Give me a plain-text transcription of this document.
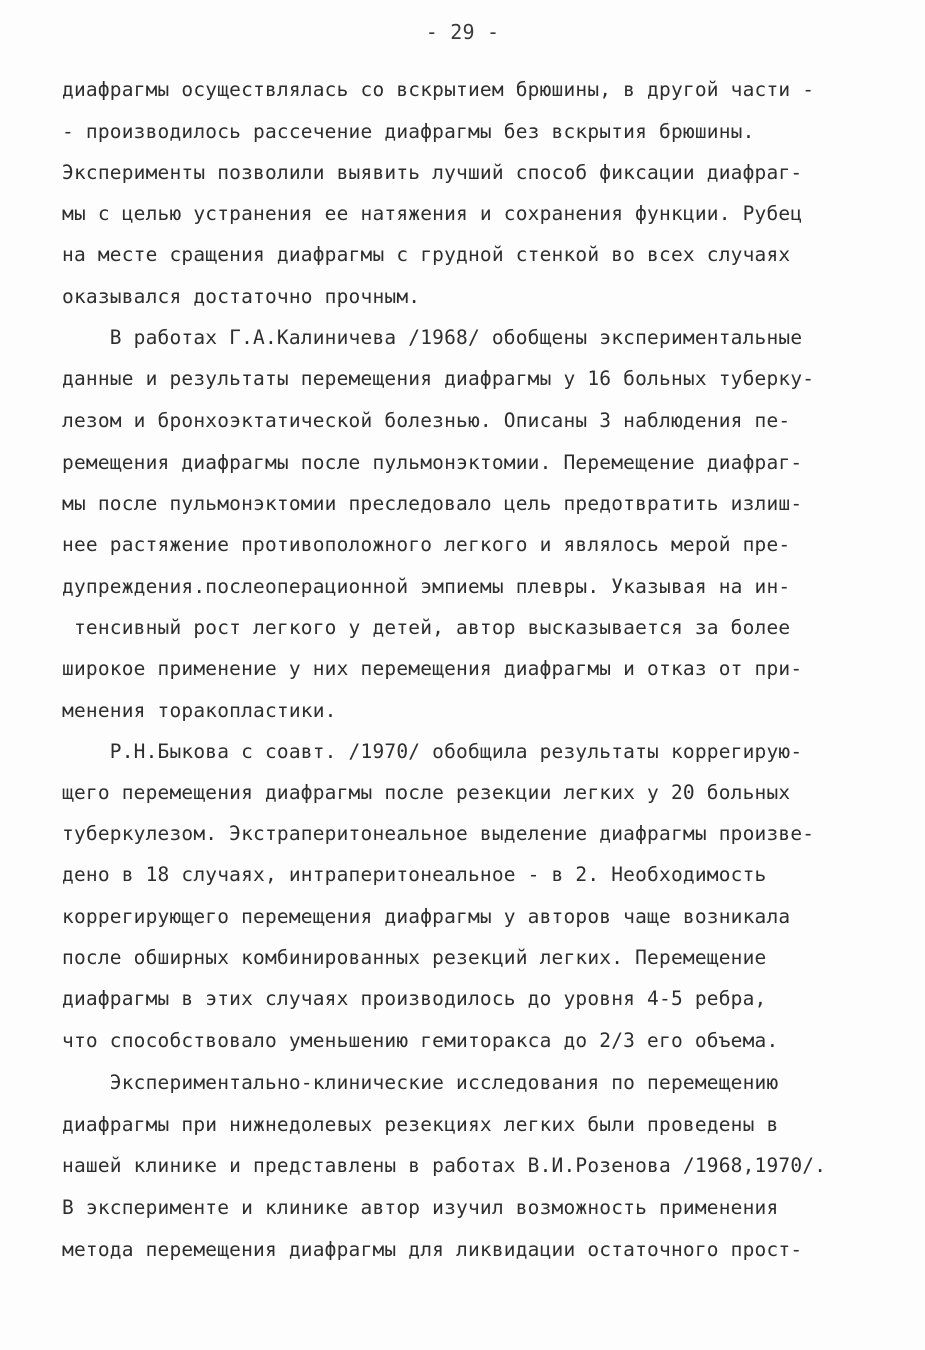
- 29 -
диафрагмы осуществлялась со вскрытием брюшины, в другой части -
- производилось рассечение диафрагмы без вскрытия брюшины.
Эксперименты позволили выявить лучший способ фиксации диафраг-
мы с целью устранения ее натяжения и сохранения функции. Рубец
на месте сращения диафрагмы с грудной стенкой во всех случаях
оказывался достаточно прочным.
В работах Г.А.Калиничева /1968/ обобщены экспериментальные
данные и результаты перемещения диафрагмы у 16 больных туберку-
лезом и бронхоэктатической болезнью. Описаны 3 наблюдения пе-
ремещения диафрагмы после пульмонэктомии. Перемещение диафраг-
мы после пульмонэктомии преследовало цель предотвратить излиш-
нее растяжение противоположного легкого и являлось мерой пре-
дупреждения.послеоперационной эмпиемы плевры. Указывая на ин-
тенсивный рост легкого у детей, автор высказывается за более
широкое применение у них перемещения диафрагмы и отказ от при-
менения торакопластики.
Р.Н.Быкова с соавт. /1970/ обобщила результаты коррегирую-
щего перемещения диафрагмы после резекции легких у 20 больных
туберкулезом. Экстраперитонеальное выделение диафрагмы произве-
дено в 18 случаях, интраперитонеальное - в 2. Необходимость
коррегирующего перемещения диафрагмы у авторов чаще возникала
после обширных комбинированных резекций легких. Перемещение
диафрагмы в этих случаях производилось до уровня 4-5 ребра,
что способствовало уменьшению гемиторакса до 2/3 его объема.
Экспериментально-клинические исследования по перемещению
диафрагмы при нижнедолевых резекциях легких были проведены в
нашей клинике и представлены в работах В.И.Розенова /1968,1970/.
В эксперименте и клинике автор изучил возможность применения
метода перемещения диафрагмы для ликвидации остаточного прост-
